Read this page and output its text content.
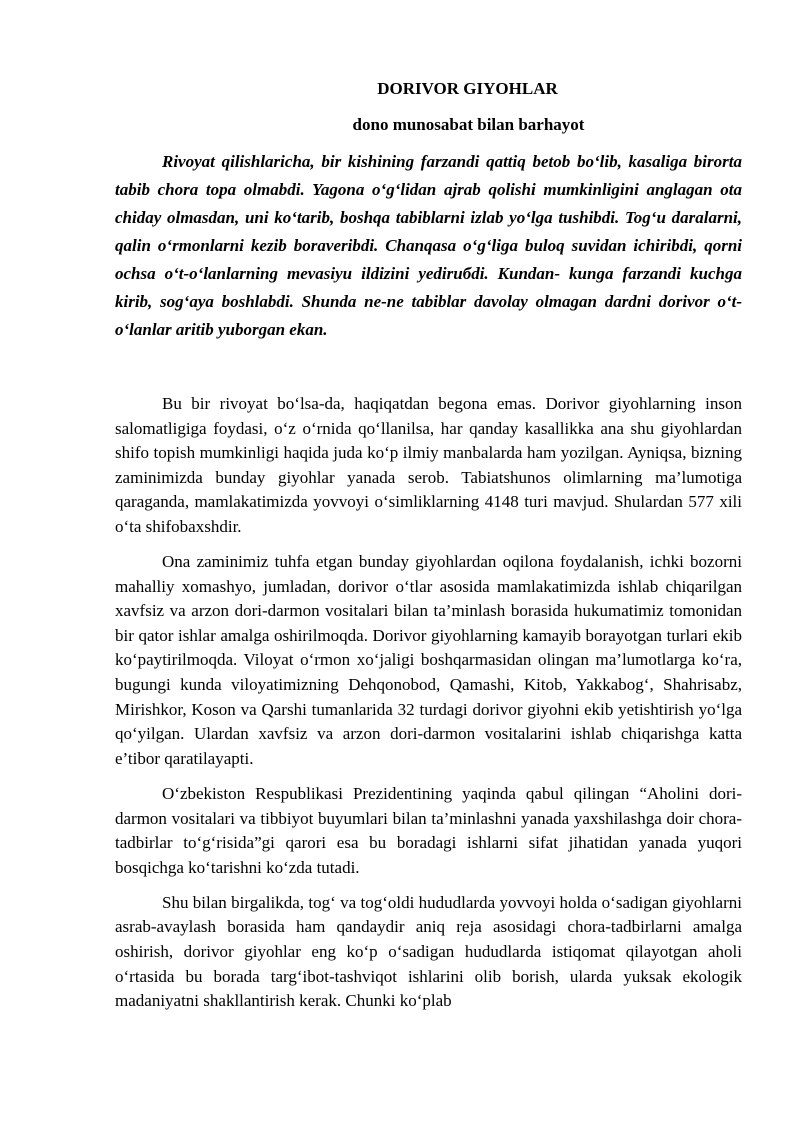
DORIVOR GIYOHLAR
dono munosabat bilan barhayot

Rivoyat qilishlaricha, bir kishining farzandi qattiq betob bo‘lib, kasaliga birorta tabib chora topa olmabdi. Yagona o‘g‘lidan ajrab qolishi mumkinligini anglagan ota chiday olmasdan, uni ko‘tarib, boshqa tabiblarni izlab yo‘lga tushibdi. Tog‘u daralarni, qalin o‘rmonlarni kezib boraveribdi. Chanqasa o‘g‘liga buloq suvidan ichiribdi, qorni ochsa o‘t-o‘lanlarning mevasiyu ildizini yedirибdi. Kundan- kunga farzandi kuchga kirib, sog‘aya boshlabdi. Shunda ne-ne tabiblar davolay olmagan dardni dorivor o‘t-o‘lanlar aritib yuborgan ekan.

Bu bir rivoyat bo‘lsa-da, haqiqatdan begona emas. Dorivor giyohlarning inson salomatligiga foydasi, o‘z o‘rnida qo‘llanilsa, har qanday kasallikka ana shu giyohlardan shifo topish mumkinligi haqida juda ko‘p ilmiy manbalarda ham yozilgan. Ayniqsa, bizning zaminimizda bunday giyohlar yanada serob. Tabiatshunos olimlarning ma’lumotiga qaraganda, mamlakatimizda yovvoyi o‘simliklarning 4148 turi mavjud. Shulardan 577 xili o‘ta shifobaxshdir.

Ona zaminimiz tuhfa etgan bunday giyohlardan oqilona foydalanish, ichki bozorni mahalliy xomashyo, jumladan, dorivor o‘tlar asosida mamlakatimizda ishlab chiqarilgan xavfsiz va arzon dori-darmon vositalari bilan ta’minlash borasida hukumatimiz tomonidan bir qator ishlar amalga oshirilmoqda. Dorivor giyohlarning kamayib borayotgan turlari ekib ko‘paytirilmoqda. Viloyat o‘rmon xo‘jaligi boshqarmasidan olingan ma’lumotlarga ko‘ra, bugungi kunda viloyatimizning Dehqonobod, Qamashi, Kitob, Yakkabog‘, Shahrisabz, Mirishkor, Koson va Qarshi tumanlarida 32 turdagi dorivor giyohni ekib yetishtirish yo‘lga qo‘yilgan. Ulardan xavfsiz va arzon dori-darmon vositalarini ishlab chiqarishga katta e’tibor qaratilayapti.

O‘zbekiston Respublikasi Prezidentining yaqinda qabul qilingan “Aholini dori-darmon vositalari va tibbiyot buyumlari bilan ta’minlashni yanada yaxshilashga doir chora-tadbirlar to‘g‘risida”gi qarori esa bu boradagi ishlarni sifat jihatidan yanada yuqori bosqichga ko‘tarishni ko‘zda tutadi.

Shu bilan birgalikda, tog‘ va tog‘oldi hududlarda yovvoyi holda o‘sadigan giyohlarni asrab-avaylash borasida ham qandaydir aniq reja asosidagi chora-tadbirlarni amalga oshirish, dorivor giyohlar eng ko‘p o‘sadigan hududlarda istiqomat qilayotgan aholi o‘rtasida bu borada targ‘ibot-tashviqot ishlarini olib borish, ularda yuksak ekologik madaniyatni shakllantirish kerak. Chunki ko‘plab
